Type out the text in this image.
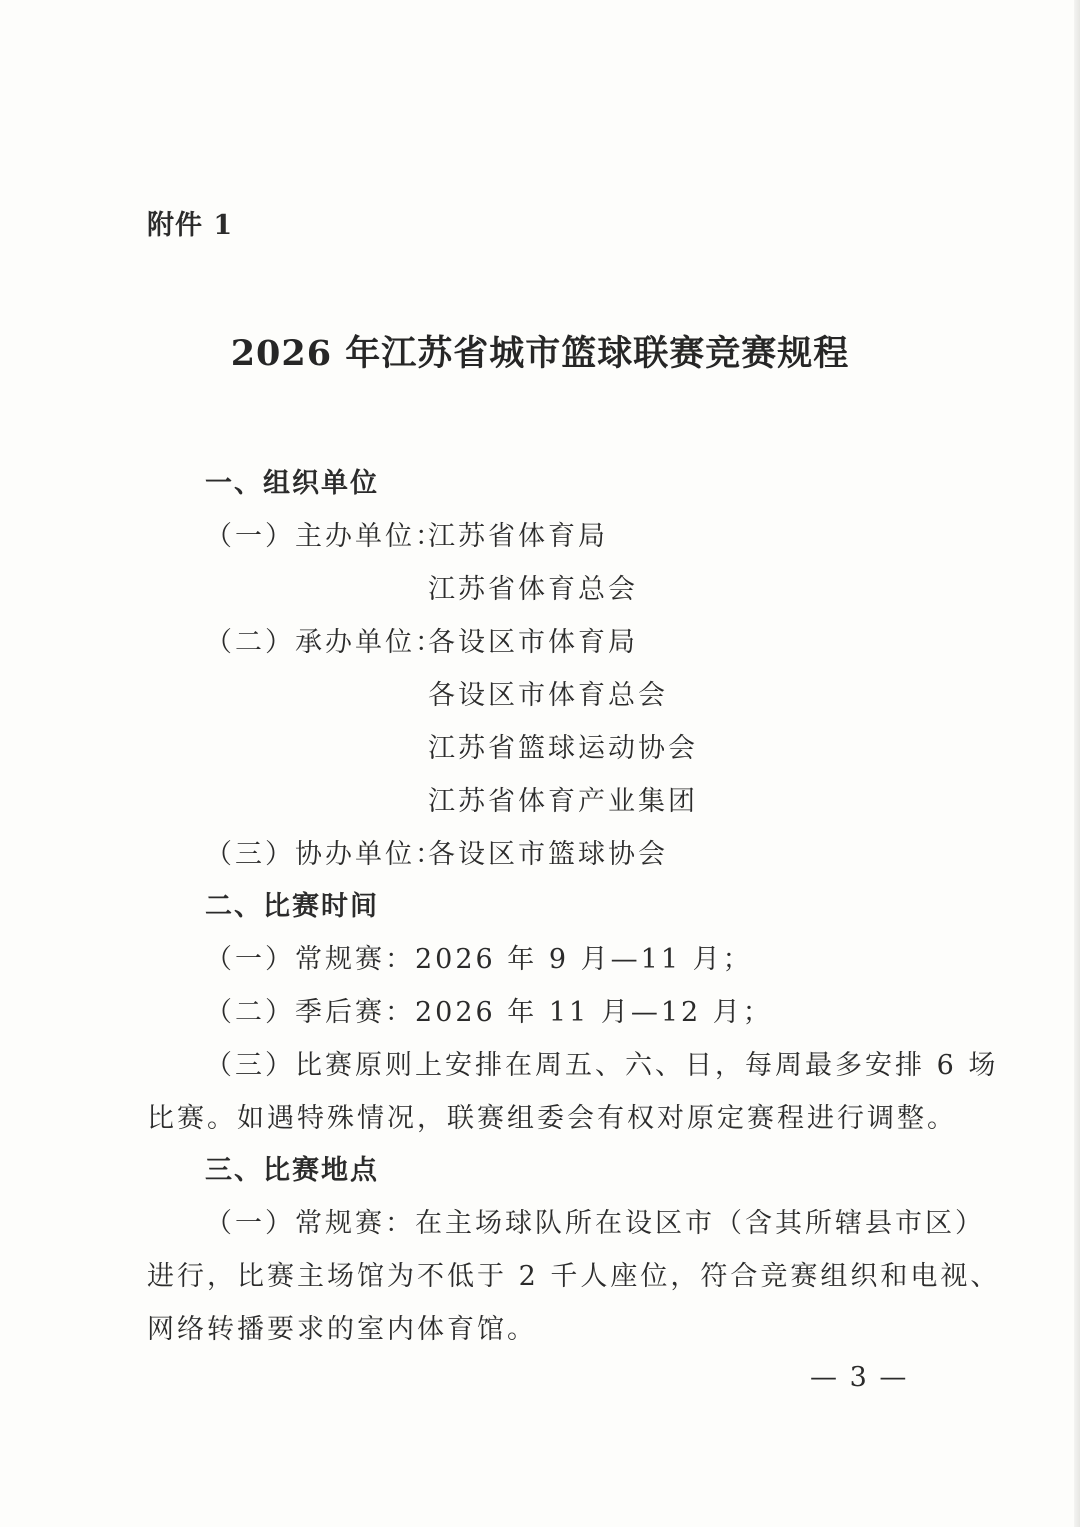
附件 1
2026 年江苏省城市篮球联赛竞赛规程
一、组织单位
（一）主办单位：
江苏省体育局
江苏省体育总会
（二）承办单位：
各设区市体育局
各设区市体育总会
江苏省篮球运动协会
江苏省体育产业集团
（三）协办单位：
各设区市篮球协会
二、比赛时间
（一）常规赛：2026 年 9 月—11 月；
（二）季后赛：2026 年 11 月—12 月；
（三）比赛原则上安排在周五、六、日，每周最多安排 6 场
比赛。如遇特殊情况，联赛组委会有权对原定赛程进行调整。
三、比赛地点
（一）常规赛：在主场球队所在设区市（含其所辖县市区）
进行，比赛主场馆为不低于 2 千人座位，符合竞赛组织和电视、
网络转播要求的室内体育馆。
— 3 —
